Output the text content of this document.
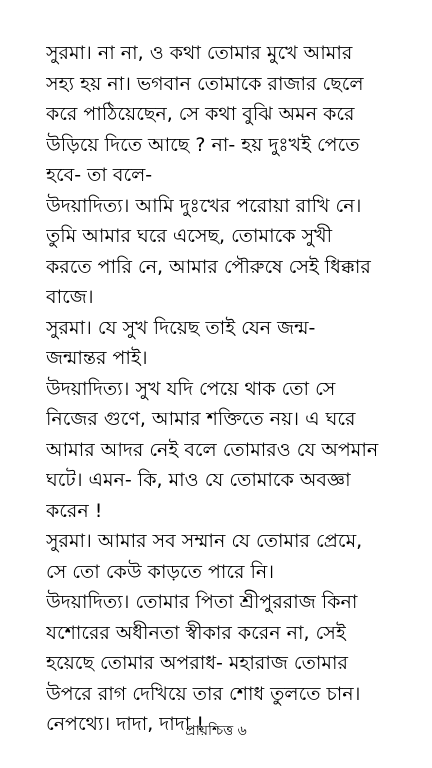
সুরমা। না না, ও কথা তোমার মুখে আমার
সহ্য হয় না। ভগবান তোমাকে রাজার ছেলে
করে পাঠিয়েছেন, সে কথা বুঝি অমন করে
উড়িয়ে দিতে আছে ? না- হয় দুঃখই পেতে
হবে- তা বলে-
উদয়াদিত্য। আমি দুঃখের পরোয়া রাখি নে।
তুমি আমার ঘরে এসেছ, তোমাকে সুখী
করতে পারি নে, আমার পৌরুষে সেই ধিক্কার
বাজে।
সুরমা। যে সুখ দিয়েছ তাই যেন জন্ম-
জন্মান্তর পাই।
উদয়াদিত্য। সুখ যদি পেয়ে থাক তো সে
নিজের গুণে, আমার শক্তিতে নয়। এ ঘরে
আমার আদর নেই বলে তোমারও যে অপমান
ঘটে। এমন- কি, মাও যে তোমাকে অবজ্ঞা
করেন !
সুরমা। আমার সব সম্মান যে তোমার প্রেমে,
সে তো কেউ কাড়তে পারে নি।
উদয়াদিত্য। তোমার পিতা শ্রীপুররাজ কিনা
যশোরের অধীনতা স্বীকার করেন না, সেই
হয়েছে তোমার অপরাধ- মহারাজ তোমার
উপরে রাগ দেখিয়ে তার শোধ তুলতে চান।
নেপথ্যে। দাদা, দাদা !
প্রায়শ্চিত্ত ৬
